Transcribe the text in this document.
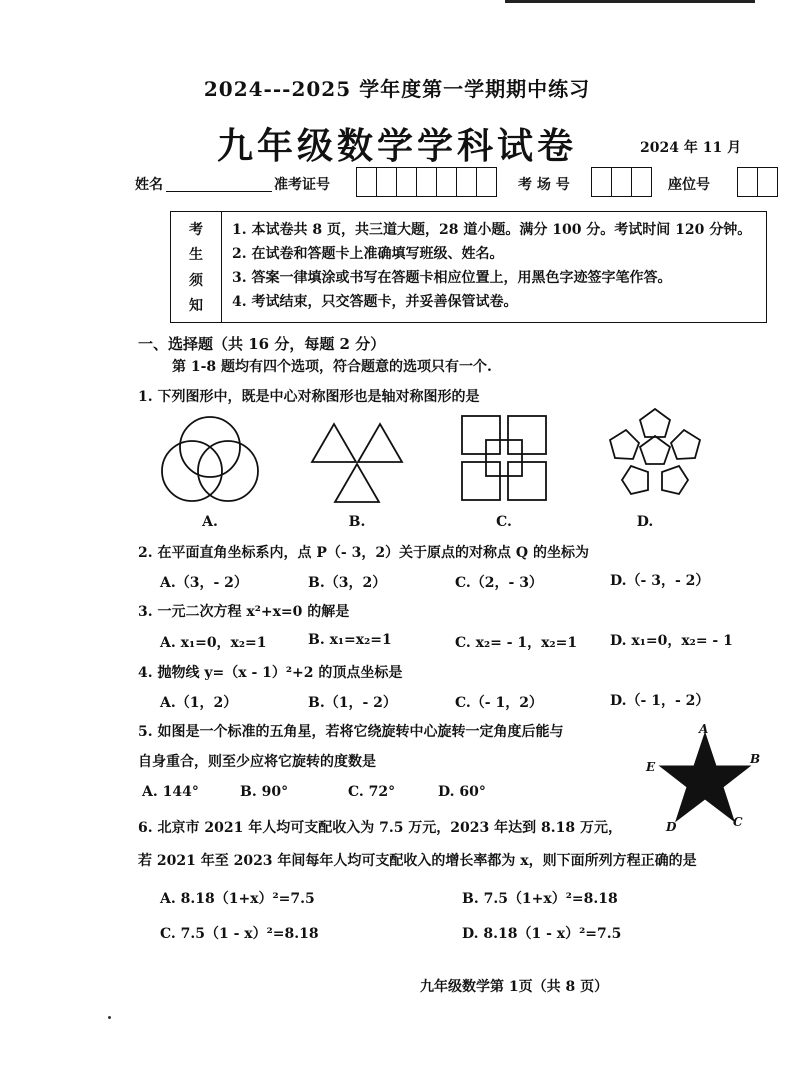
2024---2025 学年度第一学期期中练习
九年级数学学科试卷	2024 年 11 月
姓名	准考证号	考 场 号	座位号
考
生
须
知
1. 本试卷共 8 页，共三道大题，28 道小题。满分 100 分。考试时间 120 分钟。
2. 在试卷和答题卡上准确填写班级、姓名。
3. 答案一律填涂或书写在答题卡相应位置上，用黑色字迹签字笔作答。
4. 考试结束，只交答题卡，并妥善保管试卷。
一、选择题（共 16 分，每题 2 分）
第 1-8 题均有四个选项，符合题意的选项只有一个.
1. 下列图形中，既是中心对称图形也是轴对称图形的是
A.	B.	C.	D.
2. 在平面直角坐标系内，点 P（- 3，2）关于原点的对称点 Q 的坐标为
A.（3，- 2）	B.（3，2）	C.（2，- 3）	D.（- 3，- 2）
3. 一元二次方程 x²+x=0 的解是
A. x₁=0，x₂=1	B. x₁=x₂=1	C. x₂= - 1，x₂=1 D. x₁=0，x₂= - 1
4. 抛物线 y=（x - 1）²+2 的顶点坐标是
A.（1，2）	B.（1，- 2）	C.（- 1，2）	D.（- 1，- 2）
5. 如图是一个标准的五角星，若将它绕旋转中心旋转一定角度后能与
自身重合，则至少应将它旋转的度数是
A. 144°	B. 90°	C. 72°	D. 60°
A
B
C
D
E
6. 北京市 2021 年人均可支配收入为 7.5 万元，2023 年达到 8.18 万元，
若 2021 年至 2023 年间每年人均可支配收入的增长率都为 x，则下面所列方程正确的是
A. 8.18（1+x）²=7.5	B. 7.5（1+x）²=8.18
C. 7.5（1 - x）²=8.18	D. 8.18（1 - x）²=7.5
九年级数学第 1页（共 8 页）
